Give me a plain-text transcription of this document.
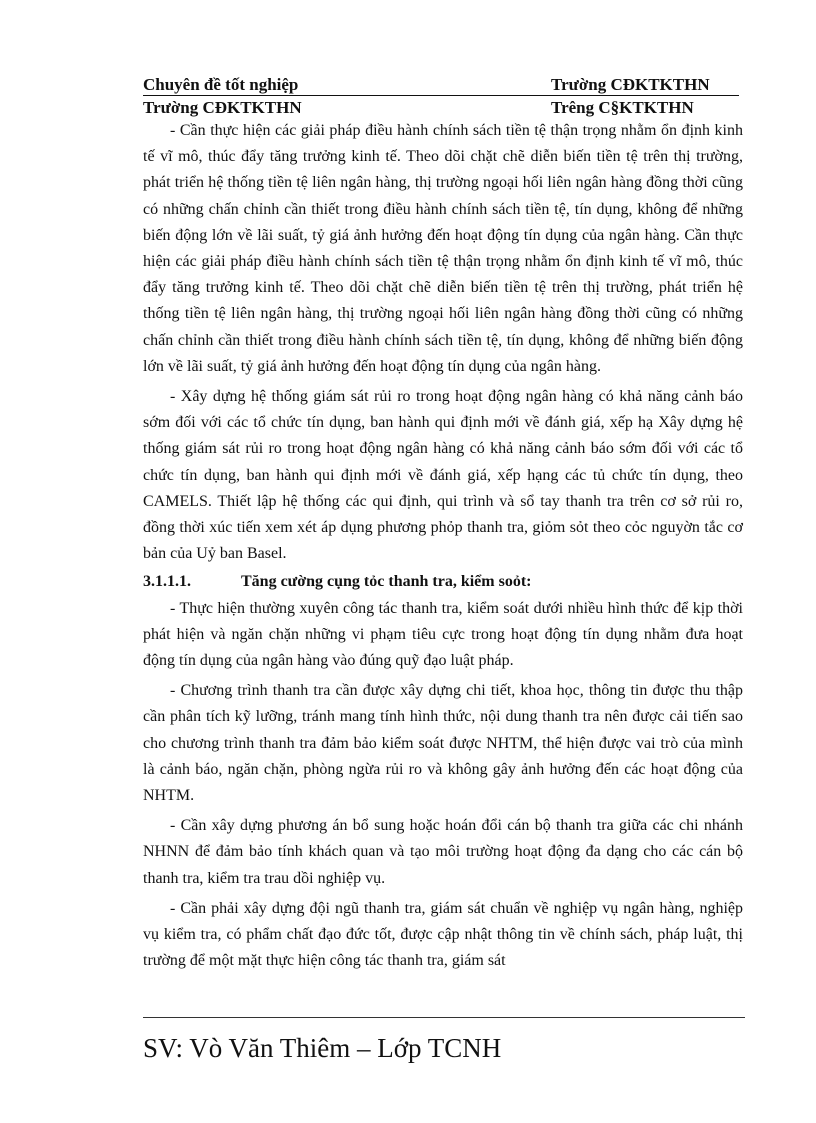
Chuyên đề tốt nghiệp	Trường CĐKTKTHN
Trường CĐKTKTHN	Trêng C§KTKTHN

- Cần thực hiện các giải pháp điều hành chính sách tiền tệ thận trọng nhằm ổn định kinh tế vĩ mô, thúc đẩy tăng trưởng kinh tế. Theo dõi chặt chẽ diễn biến tiền tệ trên thị trường, phát triển hệ thống tiền tệ liên ngân hàng, thị trường ngoại hối liên ngân hàng đồng thời cũng có những chấn chỉnh cần thiết trong điều hành chính sách tiền tệ, tín dụng, không để những biến động lớn về lãi suất, tỷ giá ảnh hưởng đến hoạt động tín dụng của ngân hàng. Cần thực hiện các giải pháp điều hành chính sách tiền tệ thận trọng nhằm ổn định kinh tế vĩ mô, thúc đẩy tăng trưởng kinh tế. Theo dõi chặt chẽ diễn biến tiền tệ trên thị trường, phát triển hệ thống tiền tệ liên ngân hàng, thị trường ngoại hối liên ngân hàng đồng thời cũng có những chấn chỉnh cần thiết trong điều hành chính sách tiền tệ, tín dụng, không để những biến động lớn về lãi suất, tỷ giá ảnh hưởng đến hoạt động tín dụng của ngân hàng.

- Xây dựng hệ thống giám sát rủi ro trong hoạt động ngân hàng có khả năng cảnh báo sớm đối với các tổ chức tín dụng, ban hành qui định mới về đánh giá, xếp hạ Xây dựng hệ thống giám sát rủi ro trong hoạt động ngân hàng có khả năng cảnh báo sớm đối với các tổ chức tín dụng, ban hành qui định mới về đánh giá, xếp hạng các tủ chức tín dụng, theo CAMELS. Thiết lập hệ thống các qui định, qui trình và sổ tay thanh tra trên cơ sở rủi ro, đồng thời xúc tiến xem xét áp dụng phương phỏp thanh tra, giỏm sỏt theo cỏc nguyờn tắc cơ bản của Uỷ ban Basel.

3.1.1.1.	Tăng cường cụng tỏc thanh tra, kiểm soỏt:

- Thực hiện thường xuyên công tác thanh tra, kiểm soát dưới nhiều hình thức để kịp thời phát hiện và ngăn chặn những vi phạm tiêu cực trong hoạt động tín dụng nhằm đưa hoạt động tín dụng của ngân hàng vào đúng quỹ đạo luật pháp.

- Chương trình thanh tra cần được xây dựng chi tiết, khoa học, thông tin được thu thập cần phân tích kỹ lưỡng, tránh mang tính hình thức, nội dung thanh tra nên được cải tiến sao cho chương trình thanh tra đảm bảo kiểm soát được NHTM, thể hiện được vai trò của mình là cảnh báo, ngăn chặn, phòng ngừa rủi ro và không gây ảnh hưởng đến các hoạt động của NHTM.

- Cần xây dựng phương án bổ sung hoặc hoán đổi cán bộ thanh tra giữa các chi nhánh NHNN để đảm bảo tính khách quan và tạo môi trường hoạt động đa dạng cho các cán bộ thanh tra, kiểm tra trau dồi nghiệp vụ.

- Cần phải xây dựng đội ngũ thanh tra, giám sát chuẩn về nghiệp vụ ngân hàng, nghiệp vụ kiểm tra, có phẩm chất đạo đức tốt, được cập nhật thông tin về chính sách, pháp luật, thị trường để một mặt thực hiện công tác thanh tra, giám sát

SV: Vò Văn Thiêm – Lớp TCNH
